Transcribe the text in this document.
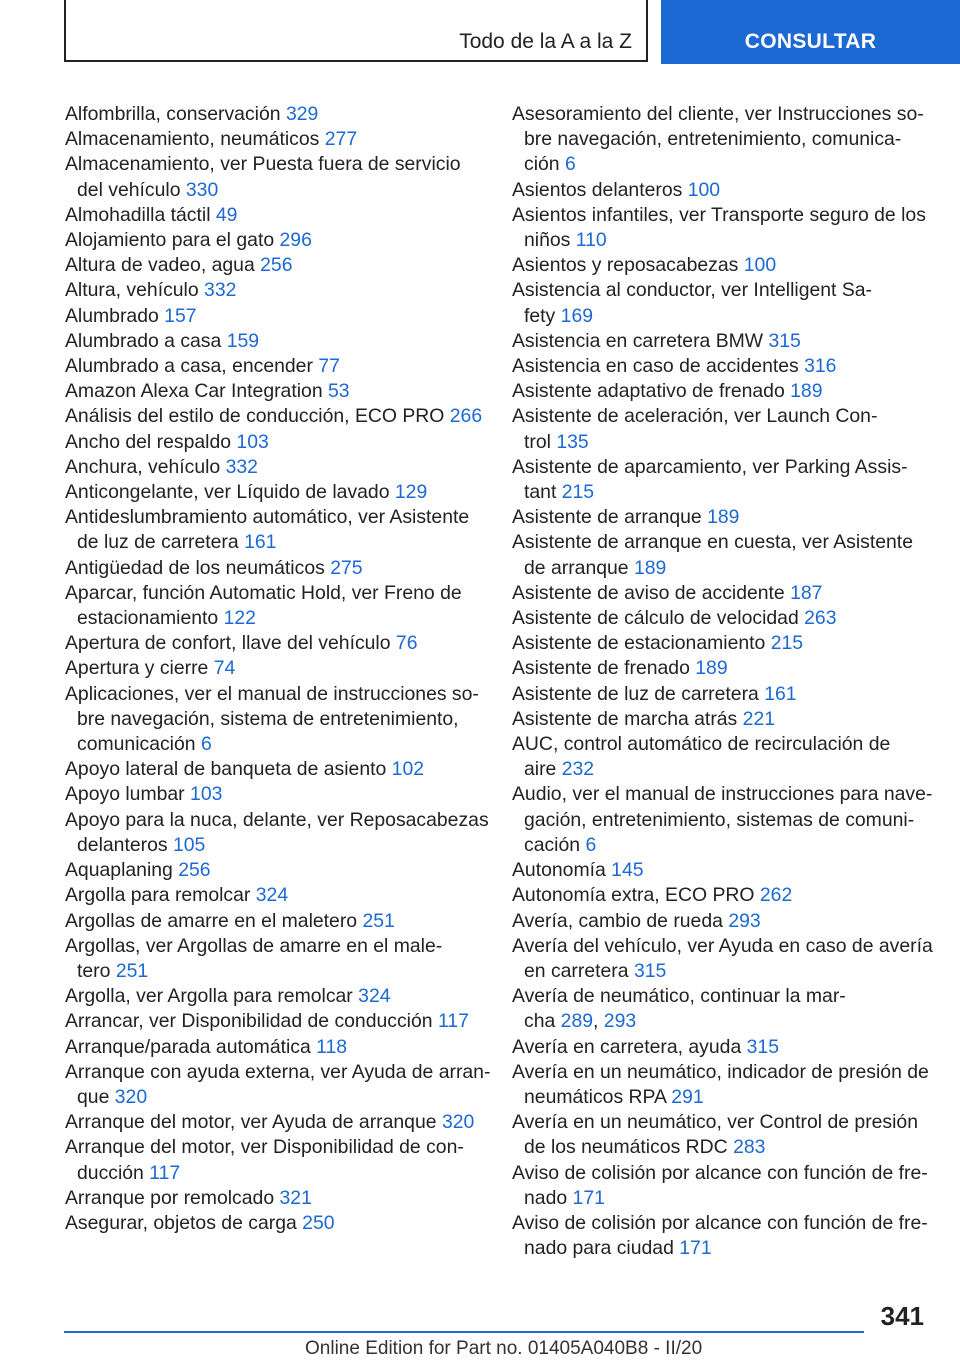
Todo de la A a la Z	CONSULTAR
Alfombrilla, conservación 329
Almacenamiento, neumáticos 277
Almacenamiento, ver Puesta fuera de servicio
del vehículo 330
Almohadilla táctil 49
Alojamiento para el gato 296
Altura de vadeo, agua 256
Altura, vehículo 332
Alumbrado 157
Alumbrado a casa 159
Alumbrado a casa, encender 77
Amazon Alexa Car Integration 53
Análisis del estilo de conducción, ECO PRO 266
Ancho del respaldo 103
Anchura, vehículo 332
Anticongelante, ver Líquido de lavado 129
Antideslumbramiento automático, ver Asistente
de luz de carretera 161
Antigüedad de los neumáticos 275
Aparcar, función Automatic Hold, ver Freno de
estacionamiento 122
Apertura de confort, llave del vehículo 76
Apertura y cierre 74
Aplicaciones, ver el manual de instrucciones so-
bre navegación, sistema de entretenimiento,
comunicación 6
Apoyo lateral de banqueta de asiento 102
Apoyo lumbar 103
Apoyo para la nuca, delante, ver Reposacabezas
delanteros 105
Aquaplaning 256
Argolla para remolcar 324
Argollas de amarre en el maletero 251
Argollas, ver Argollas de amarre en el male-
tero 251
Argolla, ver Argolla para remolcar 324
Arrancar, ver Disponibilidad de conducción 117
Arranque/parada automática 118
Arranque con ayuda externa, ver Ayuda de arran-
que 320
Arranque del motor, ver Ayuda de arranque 320
Arranque del motor, ver Disponibilidad de con-
ducción 117
Arranque por remolcado 321
Asegurar, objetos de carga 250
Asesoramiento del cliente, ver Instrucciones so-
bre navegación, entretenimiento, comunica-
ción 6
Asientos delanteros 100
Asientos infantiles, ver Transporte seguro de los
niños 110
Asientos y reposacabezas 100
Asistencia al conductor, ver Intelligent Sa-
fety 169
Asistencia en carretera BMW 315
Asistencia en caso de accidentes 316
Asistente adaptativo de frenado 189
Asistente de aceleración, ver Launch Con-
trol 135
Asistente de aparcamiento, ver Parking Assis-
tant 215
Asistente de arranque 189
Asistente de arranque en cuesta, ver Asistente
de arranque 189
Asistente de aviso de accidente 187
Asistente de cálculo de velocidad 263
Asistente de estacionamiento 215
Asistente de frenado 189
Asistente de luz de carretera 161
Asistente de marcha atrás 221
AUC, control automático de recirculación de
aire 232
Audio, ver el manual de instrucciones para nave-
gación, entretenimiento, sistemas de comuni-
cación 6
Autonomía 145
Autonomía extra, ECO PRO 262
Avería, cambio de rueda 293
Avería del vehículo, ver Ayuda en caso de avería
en carretera 315
Avería de neumático, continuar la mar-
cha 289, 293
Avería en carretera, ayuda 315
Avería en un neumático, indicador de presión de
neumáticos RPA 291
Avería en un neumático, ver Control de presión
de los neumáticos RDC 283
Aviso de colisión por alcance con función de fre-
nado 171
Aviso de colisión por alcance con función de fre-
nado para ciudad 171
341
Online Edition for Part no. 01405A040B8 - II/20
